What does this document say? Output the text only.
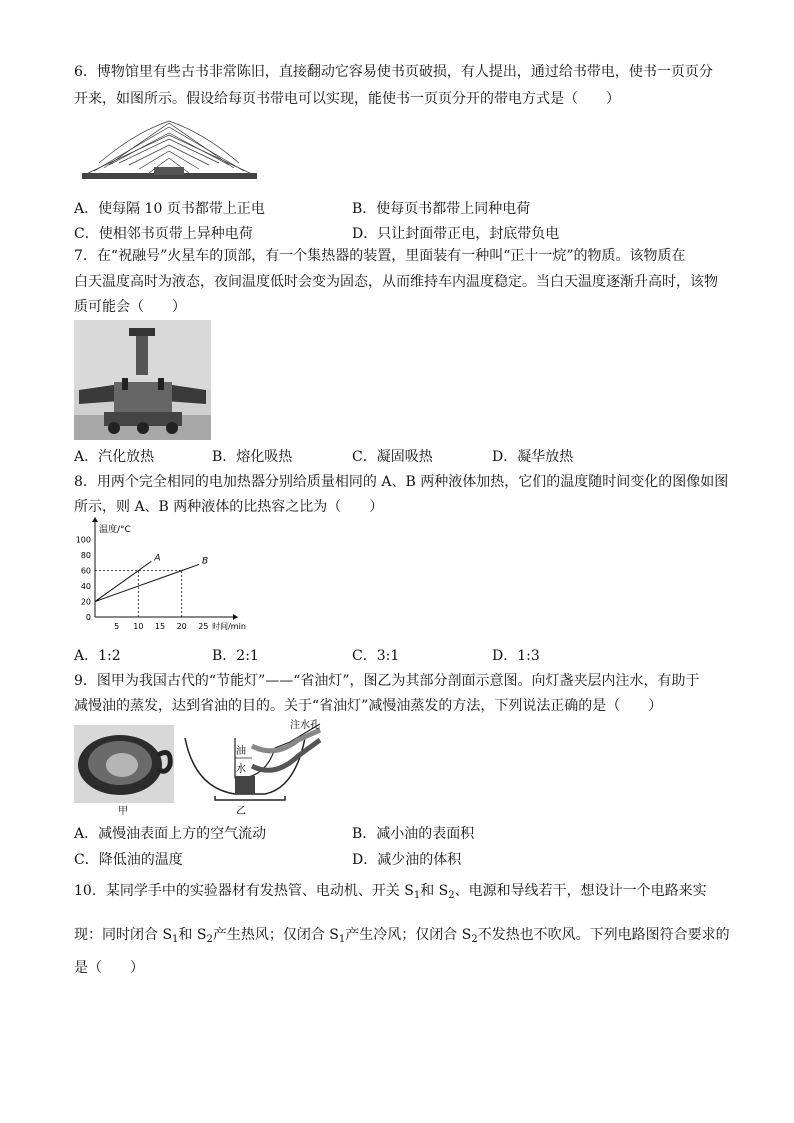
6．博物馆里有些古书非常陈旧，直接翻动它容易使书页破损，有人提出，通过给书带电，使书一页页分
开来，如图所示。假设给每页书带电可以实现，能使书一页页分开的带电方式是（　　）
A．使每隔 10 页书都带上正电	B．使每页书都带上同种电荷
C．使相邻书页带上异种电荷	D．只让封面带正电，封底带负电
7．在“祝融号”火星车的顶部，有一个集热器的装置，里面装有一种叫“正十一烷”的物质。该物质在
白天温度高时为液态，夜间温度低时会变为固态，从而维持车内温度稳定。当白天温度逐渐升高时，该物
质可能会（　　）
A．汽化放热	B．熔化吸热	C．凝固吸热	D．凝华放热
8．用两个完全相同的电加热器分别给质量相同的 A、B 两种液体加热，它们的温度随时间变化的图像如图
所示，则 A、B 两种液体的比热容之比为（　　）
0
20
40
60
80
100
5 10 15 20 25
温度/°C
时间/min
A	B
A．1:2	B．2:1	C．3:1	D．1:3
9．图甲为我国古代的“节能灯”——“省油灯”，图乙为其部分剖面示意图。向灯盏夹层内注水，有助于
减慢油的蒸发，达到省油的目的。关于“省油灯”减慢油蒸发的方法，下列说法正确的是（　　）
甲
油
水
注水孔
乙
A．减慢油表面上方的空气流动	B．减小油的表面积
C．降低油的温度	D．减少油的体积
10．某同学手中的实验器材有发热管、电动机、开关 $S_1$和 $S_2$、电源和导线若干，想设计一个电路来实
现：同时闭合 $S_1$和 $S_2$产生热风；仅闭合 $S_1$产生冷风；仅闭合 $S_2$不发热也不吹风。下列电路图符合要求的
是（　　）
